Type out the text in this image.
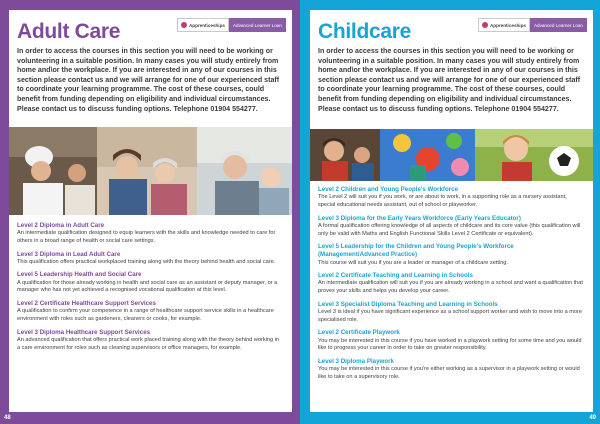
Adult Care	Apprenticeships	Advanced Learner Loan
In order to access the courses in this section you will need to be working or volunteering in a suitable position. In many cases you will study entirely from home and\or the workplace. If you are interested in any of our courses in this section please contact us and we will arrange for one of our experienced staff to coordinate your learning programme. The cost of these courses, could benefit from funding depending on eligibility and individual circumstances. Please contact us to discuss funding options. Telephone 01904 554277.
Level 2 Diploma in Adult Care
An intermediate qualification designed to equip learners with the skills and knowledge needed to care for others in a broad range of health or social care settings.
Level 3 Diploma in Lead Adult Care
This qualification offers practical workplaced training along with the theory behind health and social care.
Level 5 Leadership Health and Social Care
A qualification for those already working in health and social care as an assistant or deputy manager, or a manager who has not yet achieved a recognised vocational qualification at this level.
Level 2 Certificate Healthcare Support Services
A qualification to confirm your competence in a range of healthcare support service skills in a healthcare environment with roles such as gardeners, cleaners or cooks, for example.
Level 3 Diploma Healthcare Support Services
An advanced qualification that offers practical work placed training along with the theory behind working in a care environment for roles such as cleaning supervisors or office managers, for example.
48
Childcare	Apprenticeships	Advanced Learner Loan
In order to access the courses in this section you will need to be working or volunteering in a suitable position. In many cases you will study entirely from home and\or the workplace. If you are interested in any of our courses in this section please contact us and we will arrange for one of our experienced staff to coordinate your learning programme. The cost of these courses, could benefit from funding depending on eligibility and individual circumstances. Please contact us to discuss funding options. Telephone 01904 554277.
Level 2 Children and Young People's Workforce
The Level 2 will suit you if you work, or are about to work, in a supporting role as a nursery assistant, special educational needs assistant, out of school or playworker.
Level 3 Diploma for the Early Years Workforce (Early Years Educator)
A formal qualification offering knowledge of all aspects of childcare and its core value (this qualification will only be valid with Maths and English Functional Skills Level 2 Certificate or equivalent).
Level 5 Leadership for the Children and Young People's Workforce (Management/Advanced Practice)
This course will suit you if you are a leader or manager of a childcare setting.
Level 2 Certificate Teaching and Learning in Schools
An intermediate qualification will suit you if you are already working in a school and want a qualification that proves your skills and helps you develop your career.
Level 3 Specialist Diploma Teaching and Learning in Schools
Level 3 is ideal if you have significant experience as a school support worker and wish to move into a more specialised role.
Level 2 Certificate Playwork
You may be interested in this course if you have worked in a playwork setting for some time and you would like to progress your career in order to take on greater responsibility.
Level 3 Diploma Playwork
You may be interested in this course if you're either working as a supervisor in a playwork setting or would like to take on a supervisory role.
49
